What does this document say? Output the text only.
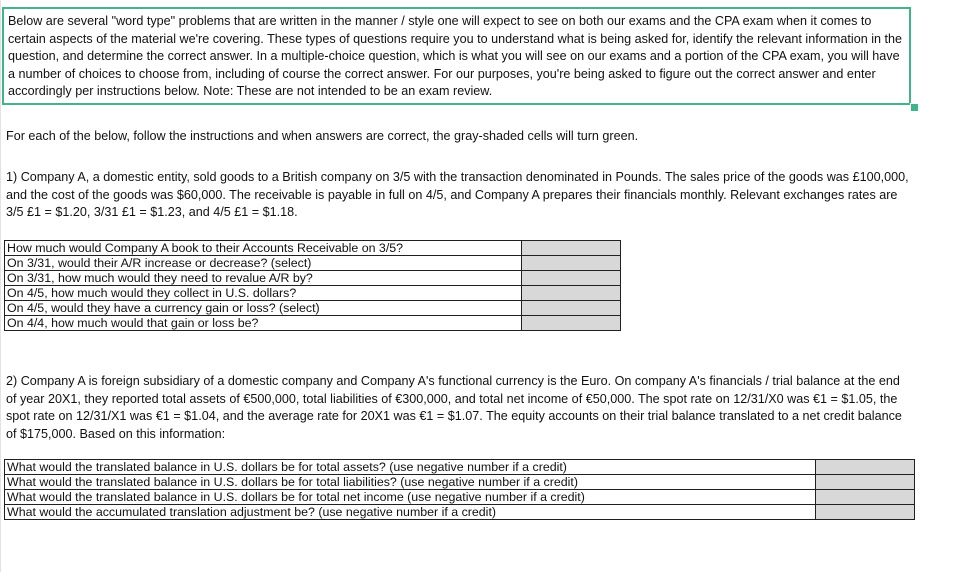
Below are several "word type" problems that are written in the manner / style one will expect to see on both our exams and the CPA exam when it comes to certain aspects of the material we're covering. These types of questions require you to understand what is being asked for, identify the relevant information in the question, and determine the correct answer. In a multiple-choice question, which is what you will see on our exams and a portion of the CPA exam, you will have a number of choices to choose from, including of course the correct answer. For our purposes, you're being asked to figure out the correct answer and enter accordingly per instructions below. Note: These are not intended to be an exam review.
For each of the below, follow the instructions and when answers are correct, the gray-shaded cells will turn green.
1) Company A, a domestic entity, sold goods to a British company on 3/5 with the transaction denominated in Pounds. The sales price of the goods was £100,000, and the cost of the goods was $60,000. The receivable is payable in full on 4/5, and Company A prepares their financials monthly. Relevant exchanges rates are 3/5 £1 = $1.20, 3/31 £1 = $1.23, and 4/5 £1 = $1.18.
How much would Company A book to their Accounts Receivable on 3/5?	
On 3/31, would their A/R increase or decrease? (select)	
On 3/31, how much would they need to revalue A/R by?	
On 4/5, how much would they collect in U.S. dollars?	
On 4/5, would they have a currency gain or loss? (select)	
On 4/4, how much would that gain or loss be?	
2) Company A is foreign subsidiary of a domestic company and Company A's functional currency is the Euro. On company A's financials / trial balance at the end of year 20X1, they reported total assets of €500,000, total liabilities of €300,000, and total net income of €50,000. The spot rate on 12/31/X0 was €1 = $1.05, the spot rate on 12/31/X1 was €1 = $1.04, and the average rate for 20X1 was €1 = $1.07. The equity accounts on their trial balance translated to a net credit balance of $175,000. Based on this information:
What would the translated balance in U.S. dollars be for total assets? (use negative number if a credit)	
What would the translated balance in U.S. dollars be for total liabilities? (use negative number if a credit)	
What would the translated balance in U.S. dollars be for total net income (use negative number if a credit)	
What would the accumulated translation adjustment be? (use negative number if a credit)	
